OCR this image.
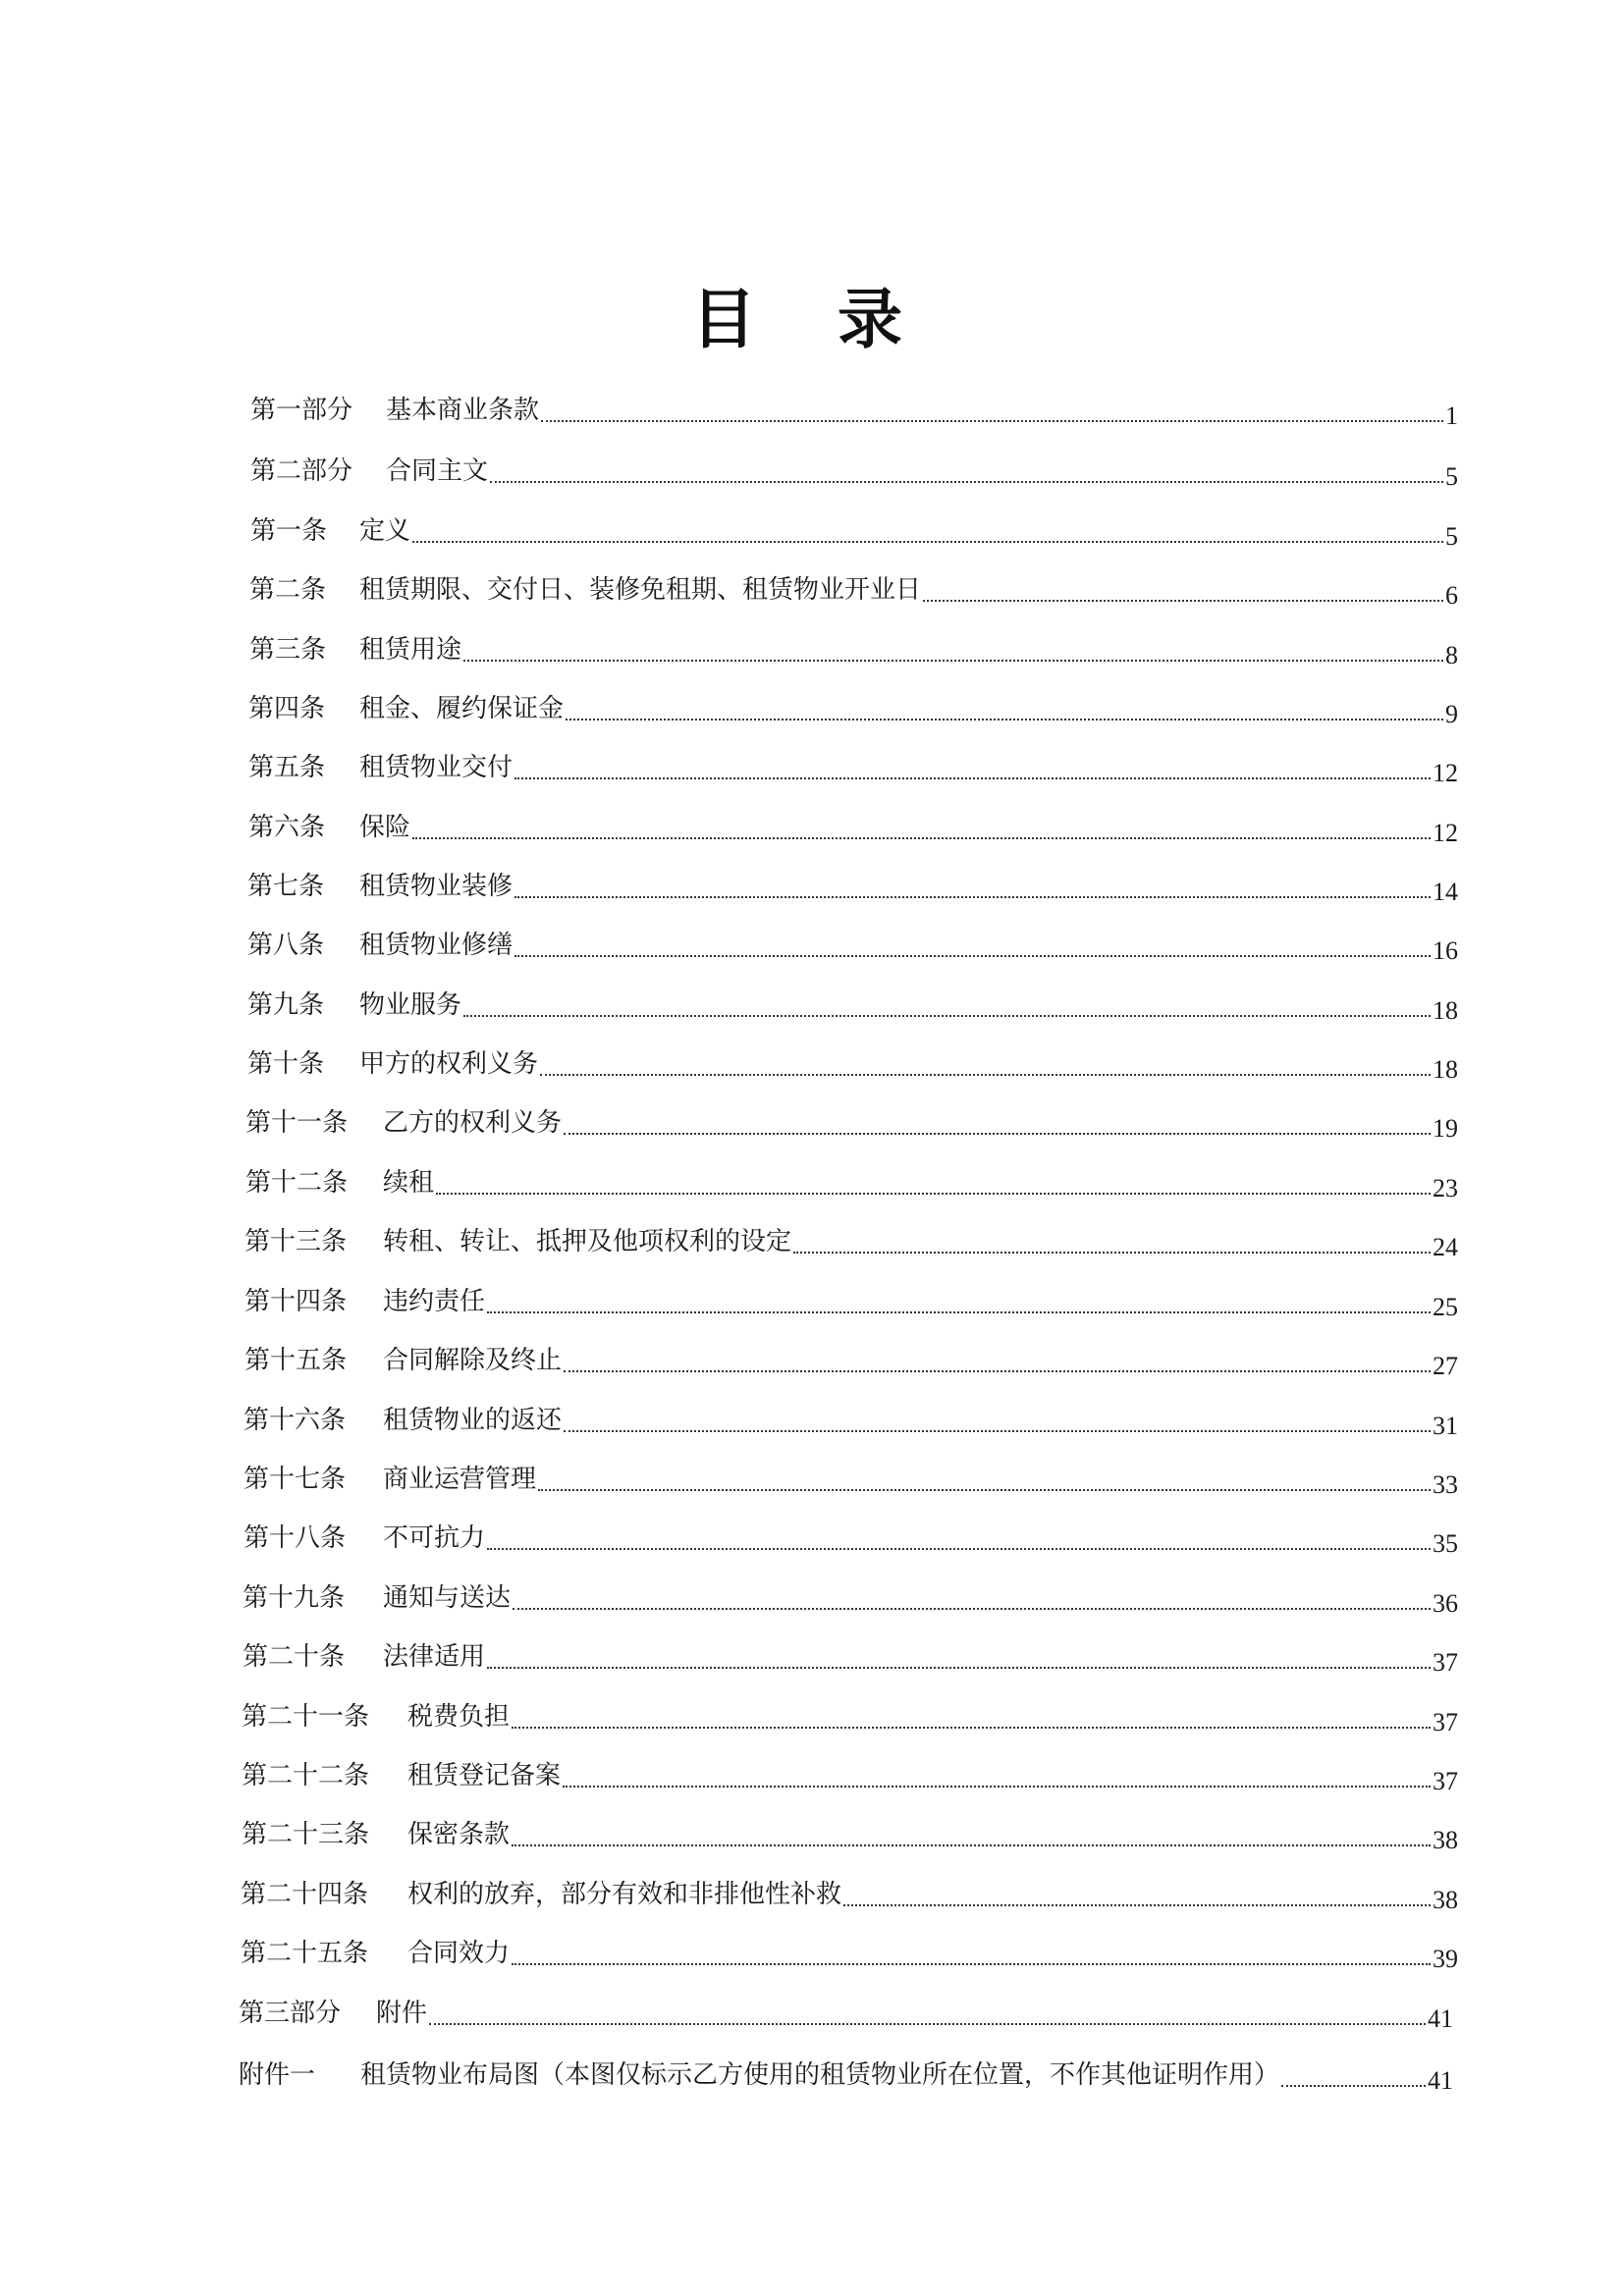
目 录
第一部分	基本商业条款	1
第二部分	合同主文	5
第一条	定义	5
第二条	租赁期限、交付日、装修免租期、租赁物业开业日	6
第三条	租赁用途	8
第四条	租金、履约保证金	9
第五条	租赁物业交付	12
第六条	保险	12
第七条	租赁物业装修	14
第八条	租赁物业修缮	16
第九条	物业服务	18
第十条	甲方的权利义务	18
第十一条	乙方的权利义务	19
第十二条	续租	23
第十三条	转租、转让、抵押及他项权利的设定	24
第十四条	违约责任	25
第十五条	合同解除及终止	27
第十六条	租赁物业的返还	31
第十七条	商业运营管理	33
第十八条	不可抗力	35
第十九条	通知与送达	36
第二十条	法律适用	37
第二十一条	税费负担	37
第二十二条	租赁登记备案	37
第二十三条	保密条款	38
第二十四条	权利的放弃，部分有效和非排他性补救	38
第二十五条	合同效力	39
第三部分	附件	41
附件一	租赁物业布局图（本图仅标示乙方使用的租赁物业所在位置，不作其他证明作用）	41
